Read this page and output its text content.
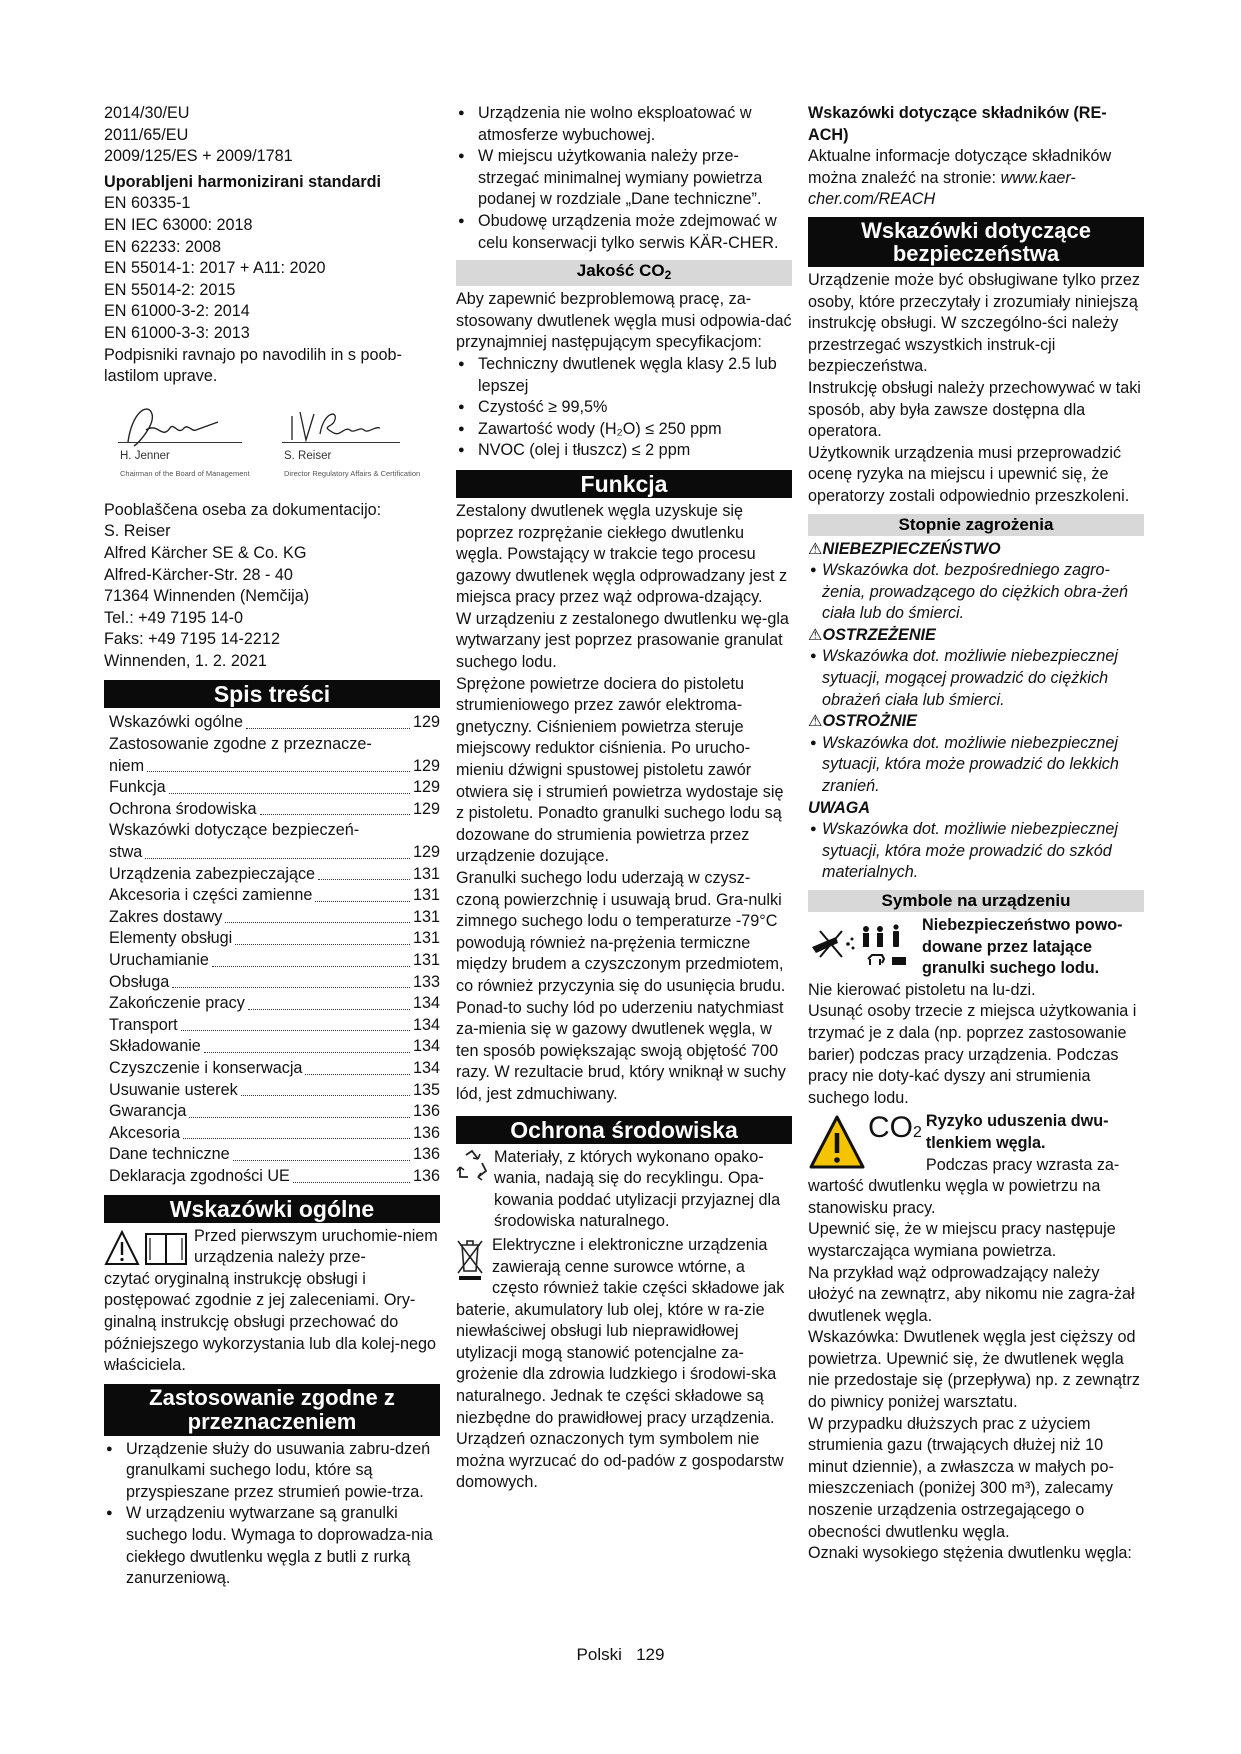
2014/30/EU

2011/65/EU

2009/125/ES + 2009/1781

Uporabljeni harmonizirani standardi

EN 60335-1

EN IEC 63000: 2018

EN 62233: 2008

EN 55014-1: 2017 + A11: 2020

EN 55014-2: 2015

EN 61000-3-2: 2014

EN 61000-3-3: 2013

Podpisniki ravnajo po navodilih in s poob-lastilom uprave.

H. Jenner
Chairman of the Board of Management
S. Reiser
Director Regulatory Affairs & Certification

Pooblaščena oseba za dokumentacijo:

S. Reiser

Alfred Kärcher SE & Co. KG

Alfred-Kärcher-Str. 28 - 40

71364 Winnenden (Nemčija)

Tel.: +49 7195 14-0

Faks: +49 7195 14-2212

Winnenden, 1. 2. 2021

Spis treści
Wskazówki ogólne	129
Zastosowanie zgodne z przeznacze-
niem	129
Funkcja	129
Ochrona środowiska	129
Wskazówki dotyczące bezpieczeń-
stwa	129
Urządzenia zabezpieczające	131
Akcesoria i części zamienne	131
Zakres dostawy	131
Elementy obsługi	131
Uruchamianie	131
Obsługa	133
Zakończenie pracy	134
Transport	134
Składowanie	134
Czyszczenie i konserwacja	134
Usuwanie usterek	135
Gwarancja	136
Akcesoria	136
Dane techniczne	136
Deklaracja zgodności UE	136
Wskazówki ogólne

Przed pierwszym uruchomie-niem urządzenia należy prze-

czytać oryginalną instrukcję obsługi i postępować zgodnie z jej zaleceniami. Ory-ginalną instrukcję obsługi przechować do późniejszego wykorzystania lub dla kolej-nego właściciela.

Zastosowanie zgodne z przeznaczeniem
● Urządzenie służy do usuwania zabru-dzeń granulkami suchego lodu, które są przyspieszane przez strumień powie-trza.
● W urządzeniu wytwarzane są granulki suchego lodu. Wymaga to doprowadza-nia ciekłego dwutlenku węgla z butli z rurką zanurzeniową.
● Urządzenia nie wolno eksploatować w atmosferze wybuchowej.
● W miejscu użytkowania należy prze-strzegać minimalnej wymiany powietrza podanej w rozdziale „Dane techniczne”.
● Obudowę urządzenia może zdejmować w celu konserwacji tylko serwis KÄR-CHER.
Jakość $CO_2$

Aby zapewnić bezproblemową pracę, za-stosowany dwutlenek węgla musi odpowia-dać przynajmniej następującym specyfikacjom:

● Techniczny dwutlenek węgla klasy 2.5 lub lepszej
● Czystość ≥ 99,5%
● Zawartość wody (H₂O) ≤ 250 ppm
● NVOC (olej i tłuszcz) ≤ 2 ppm
Funkcja

Zestalony dwutlenek węgla uzyskuje się poprzez rozprężanie ciekłego dwutlenku węgla. Powstający w trakcie tego procesu gazowy dwutlenek węgla odprowadzany jest z miejsca pracy przez wąż odprowa-dzający.

W urządzeniu z zestalonego dwutlenku wę-gla wytwarzany jest poprzez prasowanie granulat suchego lodu.

Sprężone powietrze dociera do pistoletu strumieniowego przez zawór elektroma-gnetyczny. Ciśnieniem powietrza steruje miejscowy reduktor ciśnienia. Po urucho-mieniu dźwigni spustowej pistoletu zawór otwiera się i strumień powietrza wydostaje się z pistoletu. Ponadto granulki suchego lodu są dozowane do strumienia powietrza przez urządzenie dozujące.

Granulki suchego lodu uderzają w czysz-czoną powierzchnię i usuwają brud. Gra-nulki zimnego suchego lodu o temperaturze -79°C powodują również na-prężenia termiczne między brudem a czyszczonym przedmiotem, co również przyczynia się do usunięcia brudu. Ponad-to suchy lód po uderzeniu natychmiast za-mienia się w gazowy dwutlenek węgla, w ten sposób powiększając swoją objętość 700 razy. W rezultacie brud, który wniknął w suchy lód, jest zdmuchiwany.

Ochrona środowiska

Materiały, z których wykonano opako-wania, nadają się do recyklingu. Opa-kowania poddać utylizacji przyjaznej dla środowiska naturalnego.

Elektryczne i elektroniczne urządzenia zawierają cenne surowce wtórne, a często również takie części składowe jak baterie, akumulatory lub olej, które w ra-zie niewłaściwej obsługi lub nieprawidłowej utylizacji mogą stanowić potencjalne za-grożenie dla zdrowia ludzkiego i środowi-ska naturalnego. Jednak te części składowe są niezbędne do prawidłowej pracy urządzenia. Urządzeń oznaczonych tym symbolem nie można wyrzucać do od-padów z gospodarstw domowych.

Wskazówki dotyczące składników (RE-ACH)

Aktualne informacje dotyczące składników można znaleźć na stronie: www.kaer-cher.com/REACH

Wskazówki dotyczące bezpieczeństwa

Urządzenie może być obsługiwane tylko przez osoby, które przeczytały i zrozumiały niniejszą instrukcję obsługi. W szczególno-ści należy przestrzegać wszystkich instruk-cji bezpieczeństwa.

Instrukcję obsługi należy przechowywać w taki sposób, aby była zawsze dostępna dla operatora.

Użytkownik urządzenia musi przeprowadzić ocenę ryzyka na miejscu i upewnić się, że operatorzy zostali odpowiednio przeszkoleni.

Stopnie zagrożenia

⚠NIEBEZPIECZEŃSTWO

● Wskazówka dot. bezpośredniego zagro-żenia, prowadzącego do ciężkich obra-żeń ciała lub do śmierci.

⚠OSTRZEŻENIE

● Wskazówka dot. możliwie niebezpiecznej sytuacji, mogącej prowadzić do ciężkich obrażeń ciała lub śmierci.

⚠OSTROŻNIE

● Wskazówka dot. możliwie niebezpiecznej sytuacji, która może prowadzić do lekkich zranień.

UWAGA

● Wskazówka dot. możliwie niebezpiecznej sytuacji, która może prowadzić do szkód materialnych.
Symbole na urządzeniu

Niebezpieczeństwo powo-dowane przez latające granulki suchego lodu.

Nie kierować pistoletu na lu-dzi.

Usunąć osoby trzecie z miejsca użytkowania i trzymać je z dala (np. poprzez zastosowanie barier) podczas pracy urządzenia. Podczas pracy nie doty-kać dyszy ani strumienia suchego lodu.

CO2

Ryzyko uduszenia dwu-tlenkiem węgla.

Podczas pracy wzrasta za-wartość dwutlenku węgla w powietrzu na stanowisku pracy.

Upewnić się, że w miejscu pracy następuje wystarczająca wymiana powietrza.

Na przykład wąż odprowadzający należy ułożyć na zewnątrz, aby nikomu nie zagra-żał dwutlenek węgla.

Wskazówka: Dwutlenek węgla jest cięższy od powietrza. Upewnić się, że dwutlenek węgla nie przedostaje się (przepływa) np. z zewnątrz do piwnicy poniżej warsztatu.

W przypadku dłuższych prac z użyciem strumienia gazu (trwających dłużej niż 10 minut dziennie), a zwłaszcza w małych po-mieszczeniach (poniżej 300 m³), zalecamy noszenie urządzenia ostrzegającego o obecności dwutlenku węgla.

Oznaki wysokiego stężenia dwutlenku węgla:

Polski 129
